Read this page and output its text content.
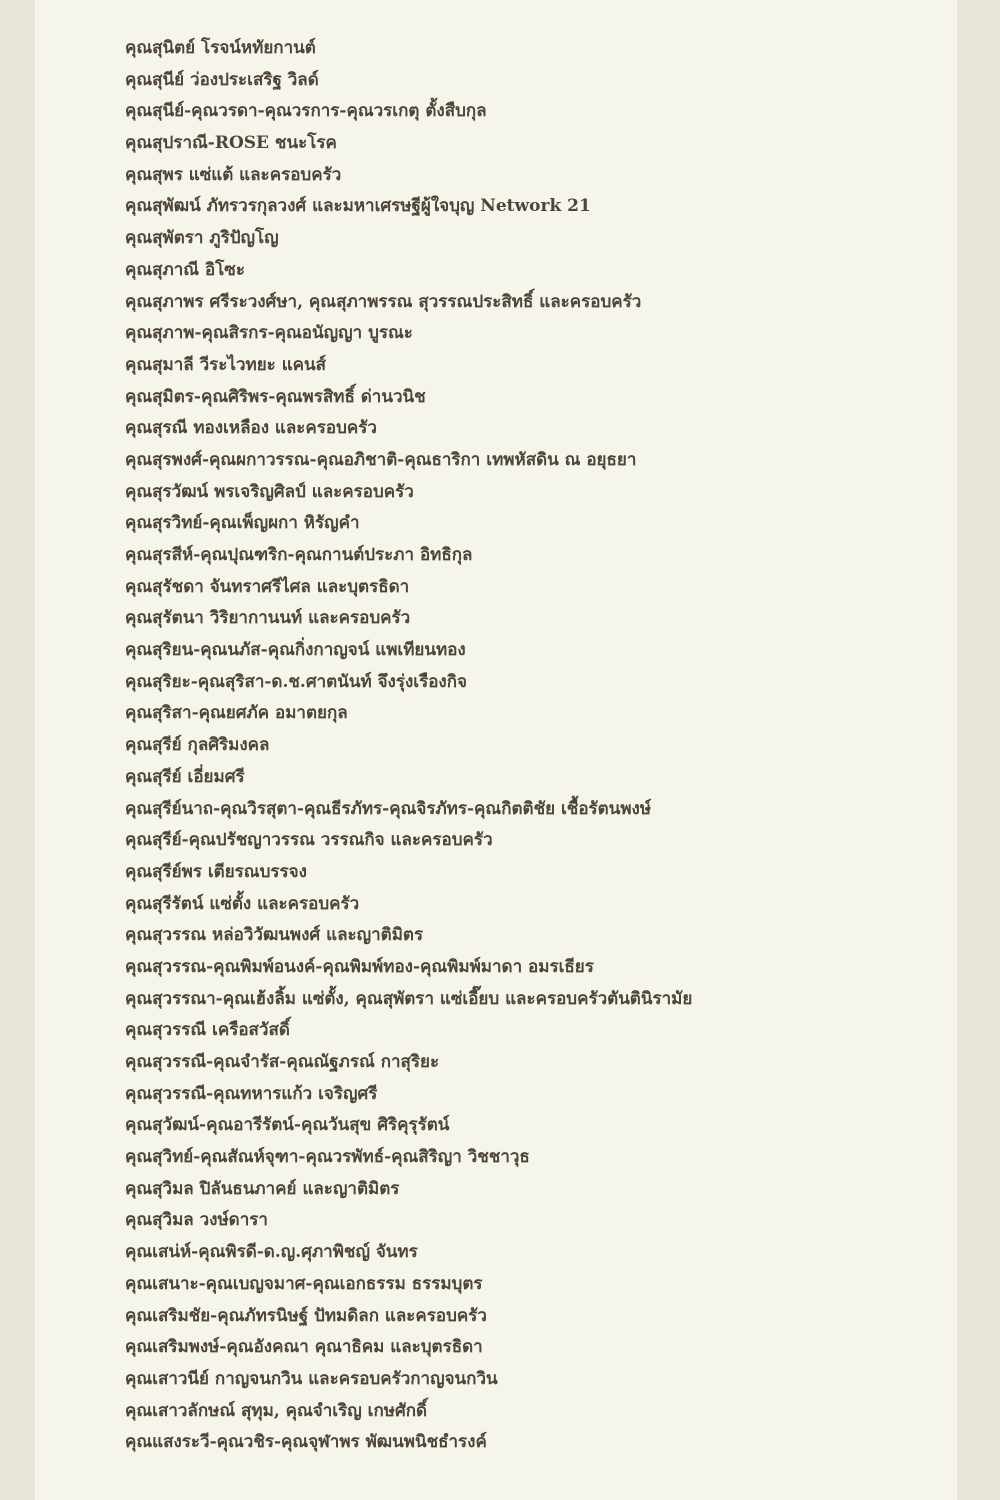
คุณสุนิตย์ โรจน์หทัยกานต์
คุณสุนีย์ ว่องประเสริฐ วิลด์
คุณสุนีย์-คุณวรดา-คุณวรการ-คุณวรเกตุ ตั้งสืบกุล
คุณสุปราณี-ROSE ชนะโรค
คุณสุพร แซ่แต้ และครอบครัว
คุณสุพัฒน์ ภัทรวรกุลวงศ์ และมหาเศรษฐีผู้ใจบุญ Network 21
คุณสุพัตรา ภูริปัญโญ
คุณสุภาณี อิโซะ
คุณสุภาพร ศรีระวงศ์ษา, คุณสุภาพรรณ สุวรรณประสิทธิ์ และครอบครัว
คุณสุภาพ-คุณสิรกร-คุณอนัญญา บูรณะ
คุณสุมาลี วีระไวทยะ แคนส์
คุณสุมิตร-คุณศิริพร-คุณพรสิทธิ์ ด่านวนิช
คุณสุรณี ทองเหลือง และครอบครัว
คุณสุรพงศ์-คุณผกาวรรณ-คุณอภิชาติ-คุณธาริกา เทพหัสดิน ณ อยุธยา
คุณสุรวัฒน์ พรเจริญศิลป์ และครอบครัว
คุณสุรวิทย์-คุณเพ็ญผกา หิรัญคำ
คุณสุรสีห์-คุณปุณฑริก-คุณกานต์ประภา อิทธิกุล
คุณสุรัชดา จันทราศรีไศล และบุตรธิดา
คุณสุรัตนา วิริยากานนท์ และครอบครัว
คุณสุริยน-คุณนภัส-คุณกิ่งกาญจน์ แพเทียนทอง
คุณสุริยะ-คุณสุริสา-ด.ช.ศาตนันท์ จึงรุ่งเรืองกิจ
คุณสุริสา-คุณยศภัค อมาตยกุล
คุณสุรีย์ กุลศิริมงคล
คุณสุรีย์ เอี่ยมศรี
คุณสุรีย์นาถ-คุณวิรสุตา-คุณธีรภัทร-คุณจิรภัทร-คุณกิตติชัย เชื้อรัตนพงษ์
คุณสุรีย์-คุณปรัชญาวรรณ วรรณกิจ และครอบครัว
คุณสุรีย์พร เตียรณบรรจง
คุณสุรีรัตน์ แซ่ตั้ง และครอบครัว
คุณสุวรรณ หล่อวิวัฒนพงศ์ และญาติมิตร
คุณสุวรรณ-คุณพิมพ์อนงค์-คุณพิมพ์ทอง-คุณพิมพ์มาดา อมรเธียร
คุณสุวรรณา-คุณเฮ้งลิ้ม แซ่ตั้ง, คุณสุพัตรา แซ่เอี๊ยบ และครอบครัวตันตินิรามัย
คุณสุวรรณี เครือสวัสดิ์
คุณสุวรรณี-คุณจำรัส-คุณณัฐภรณ์ กาสุริยะ
คุณสุวรรณี-คุณทหารแก้ว เจริญศรี
คุณสุวัฒน์-คุณอารีรัตน์-คุณวันสุข ศิริคุรุรัตน์
คุณสุวิทย์-คุณสัณห์จุฑา-คุณวรพัทธ์-คุณสิริญา วิชชาวุธ
คุณสุวิมล ปิลันธนภาคย์ และญาติมิตร
คุณสุวิมล วงษ์ดารา
คุณเสน่ห์-คุณพิรดี-ด.ญ.ศุภาพิชญ์ จันทร
คุณเสนาะ-คุณเบญจมาศ-คุณเอกธรรม ธรรมบุตร
คุณเสริมชัย-คุณภัทรนิษฐ์ ปัทมดิลก และครอบครัว
คุณเสริมพงษ์-คุณอังคณา คุณาธิคม และบุตรธิดา
คุณเสาวนีย์ กาญจนกวิน และครอบครัวกาญจนกวิน
คุณเสาวลักษณ์ สุทุม, คุณจำเริญ เกษศักดิ์
คุณแสงระวี-คุณวชิร-คุณจุฬาพร พัฒนพนิชธำรงค์
